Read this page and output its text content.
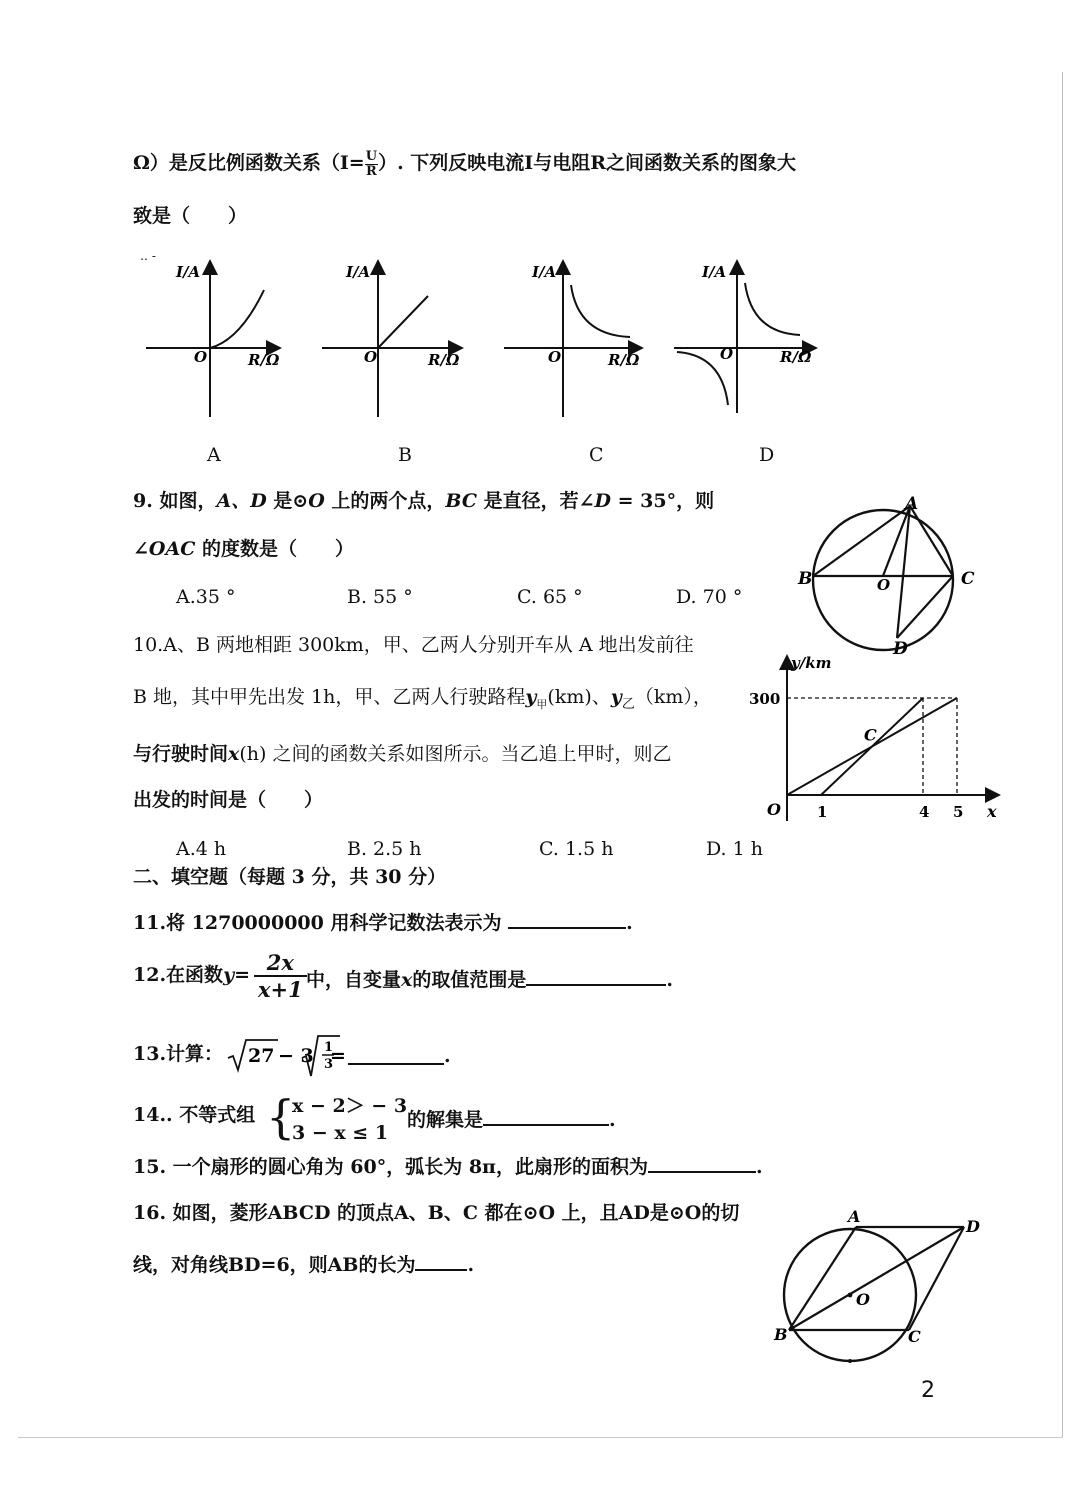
Ω）是反比例函数关系（$I= \frac{U}{R}$ ）. 下列反映电流I与电阻R之间函数关系的图象大
致是（　　）
‥ -
I/A
O	R/Ω
I/A
O	R/Ω
I/A
O	R/Ω
I/A
O	R/Ω
A	B	C	D
9. 如图，A、D 是⊙O 上的两个点，BC 是直径，若∠D = 35°，则
∠OAC 的度数是（　　）
A.35 °	B. 55 °	C. 65 °	D. 70 °
A
B	C
O
D
10.A、B 两地相距 300km，甲、乙两人分别开车从 A 地出发前往
B 地，其中甲先出发 1h，甲、乙两人行驶路程$y_甲(km)$、$y_乙(km)$，
与行驶时间x(h) 之间的函数关系如图所示。当乙追上甲时，则乙
出发的时间是（　　）
A.4 h	B. 2.5 h	C. 1.5 h	D. 1 h
y/km
x
O
300
1	4 5
C
二、填空题（每题 3 分，共 30 分）
11.将 1270000000 用科学记数法表示为	.
12.在函数$y= \frac{2x}{x+1}$ 中，自变量x的取值范围是	.
13.计算： 27 − 3 1
3
=	.
14.. 不等式组 {
x − 2＞ − 3
3 − x ≤ 1
的解集是	.
15. 一个扇形的圆心角为 60°，弧长为 8π，此扇形的面积为	.
16. 如图，菱形ABCD 的顶点A、B、C 都在⊙O 上，且AD是⊙O的切
线，对角线BD=6，则AB的长为	.
A
D
B	C
O
2
